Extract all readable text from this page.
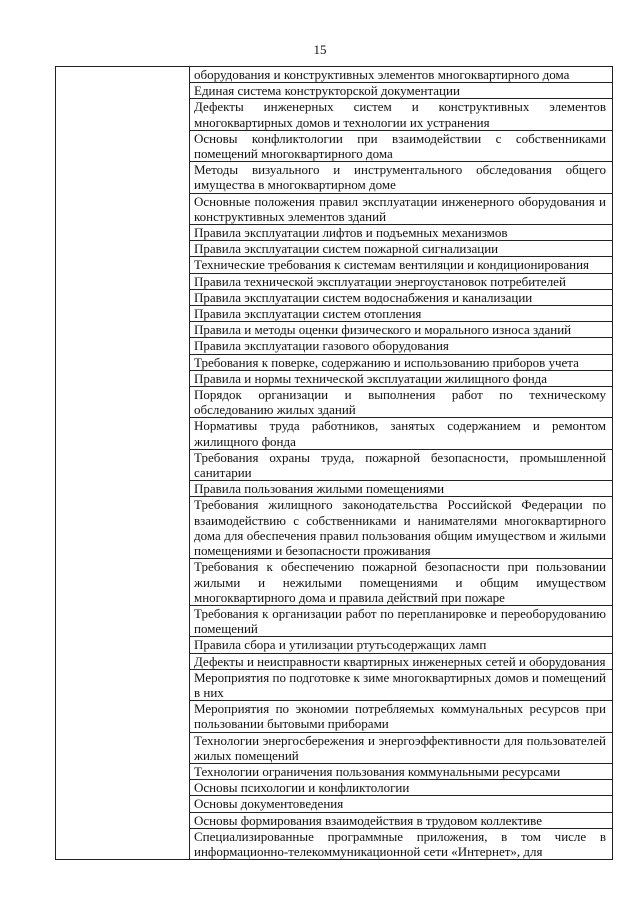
15

оборудования и конструктивных элементов многоквартирного дома

Единая система конструкторской документации

Дефекты инженерных систем и конструктивных элементов многоквартирных домов и технологии их устранения

Основы конфликтологии при взаимодействии с собственниками помещений многоквартирного дома

Методы визуального и инструментального обследования общего имущества в многоквартирном доме

Основные положения правил эксплуатации инженерного оборудования и конструктивных элементов зданий

Правила эксплуатации лифтов и подъемных механизмов

Правила эксплуатации систем пожарной сигнализации

Технические требования к системам вентиляции и кондиционирования

Правила технической эксплуатации энергоустановок потребителей

Правила эксплуатации систем водоснабжения и канализации

Правила эксплуатации систем отопления

Правила и методы оценки физического и морального износа зданий

Правила эксплуатации газового оборудования

Требования к поверке, содержанию и использованию приборов учета

Правила и нормы технической эксплуатации жилищного фонда

Порядок организации и выполнения работ по техническому обследованию жилых зданий

Нормативы труда работников, занятых содержанием и ремонтом жилищного фонда

Требования охраны труда, пожарной безопасности, промышленной санитарии

Правила пользования жилыми помещениями

Требования жилищного законодательства Российской Федерации по взаимодействию с собственниками и нанимателями многоквартирного дома для обеспечения правил пользования общим имуществом и жилыми помещениями и безопасности проживания

Требования к обеспечению пожарной безопасности при пользовании жилыми и нежилыми помещениями и общим имуществом многоквартирного дома и правила действий при пожаре

Требования к организации работ по перепланировке и переоборудованию помещений

Правила сбора и утилизации ртутьсодержащих ламп

Дефекты и неисправности квартирных инженерных сетей и оборудования

Мероприятия по подготовке к зиме многоквартирных домов и помещений в них

Мероприятия по экономии потребляемых коммунальных ресурсов при пользовании бытовыми приборами

Технологии энергосбережения и энергоэффективности для пользователей жилых помещений

Технологии ограничения пользования коммунальными ресурсами

Основы психологии и конфликтологии

Основы документоведения

Основы формирования взаимодействия в трудовом коллективе

Специализированные программные приложения, в том числе в информационно-телекоммуникационной сети «Интернет», для
